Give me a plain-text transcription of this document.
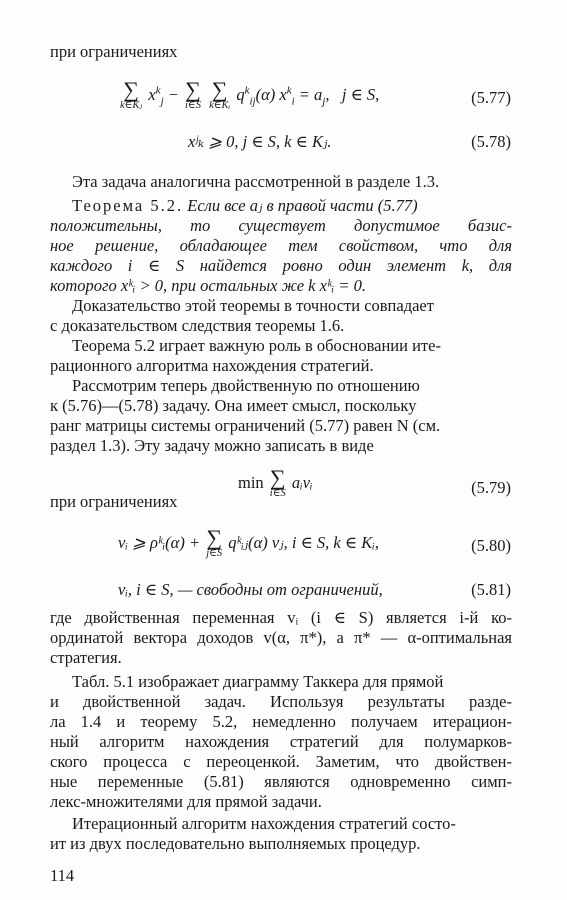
при ограничениях
∑
k∈Kⱼ
$x^k_j$ − ∑
i∈S

∑
k∈Kᵢ
$q^k_{ij}(\alpha) x^k_i = a_j$,   j ∈ S,	(5.77)
xʲₖ ⩾ 0, j ∈ S, k ∈ Kⱼ.	(5.78)
Эта задача аналогична рассмотренной в разделе 1.3.
Теорема 5.2. Если все aⱼ в правой части (5.77)
положительны, то существует допустимое базис-
ное решение, обладающее тем свойством, что для
каждого i ∈ S найдется ровно один элемент k, для
которого xᵏᵢ > 0, при остальных же k xᵏᵢ = 0.
Доказательство этой теоремы в точности совпадает
с доказательством следствия теоремы 1.6.
Теорема 5.2 играет важную роль в обосновании ите-
рационного алгоритма нахождения стратегий.
Рассмотрим теперь двойственную по отношению
к (5.76)—(5.78) задачу. Она имеет смысл, поскольку
ранг матрицы системы ограничений (5.77) равен N (см.
раздел 1.3). Эту задачу можно записать в виде
min ∑
i∈S
aᵢvᵢ	(5.79)
при ограничениях
vᵢ ⩾ ρᵏᵢ(α) + ∑
j∈S
qᵏᵢⱼ(α) vⱼ, i ∈ S, k ∈ Kᵢ,	(5.80)
vᵢ, i ∈ S, — свободны от ограничений,	(5.81)
где двойственная переменная vᵢ (i ∈ S) является i-й ко-
ординатой вектора доходов v(α, π*), а π* — α-оптимальная
стратегия.
Табл. 5.1 изображает диаграмму Таккера для прямой
и двойственной задач. Используя результаты разде-
ла 1.4 и теорему 5.2, немедленно получаем итерацион-
ный алгоритм нахождения стратегий для полумарков-
ского процесса с переоценкой. Заметим, что двойствен-
ные переменные (5.81) являются одновременно симп-
лекс-множителями для прямой задачи.
Итерационный алгоритм нахождения стратегий состо-
ит из двух последовательно выполняемых процедур.
114
